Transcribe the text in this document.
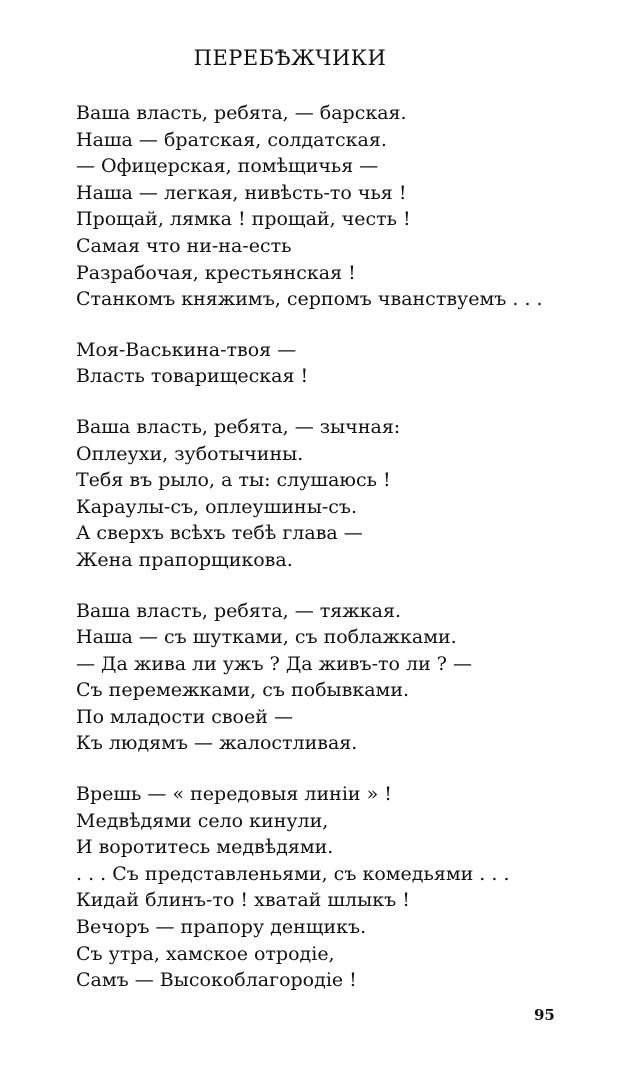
ПЕРЕБѢЖЧИКИ
Ваша власть, ребята, — барская.
Наша — братская, солдатская.
— Офицерская, помѣщичья —
Наша — легкая, нивѣсть-то чья !
Прощай, лямка ! прощай, честь !
Самая что ни-на-есть
Разрабочая, крестьянская !
Станкомъ княжимъ, серпомъ чванствуемъ . . .
Моя-Васькина-твоя —
Власть товарищеская !
Ваша власть, ребята, — зычная:
Оплеухи, зуботычины.
Тебя въ рыло, а ты: слушаюсь !
Караулы-съ, оплеушины-съ.
А сверхъ всѣхъ тебѣ глава —
Жена прапорщикова.
Ваша власть, ребята, — тяжкая.
Наша — съ шутками, съ поблажками.
— Да жива ли ужъ ? Да живъ-то ли ? —
Съ перемежками, съ побывками.
По младости своей —
Къ людямъ — жалостливая.
Врешь — « передовыя линіи » !
Медвѣдями село кинули,
И воротитесь медвѣдями.
. . . Съ представленьями, съ комедьями . . .
Кидай блинъ-то ! хватай шлыкъ !
Вечоръ — прапору денщикъ.
Съ утра, хамское отродіе,
Самъ — Высокоблагородіе !
95
